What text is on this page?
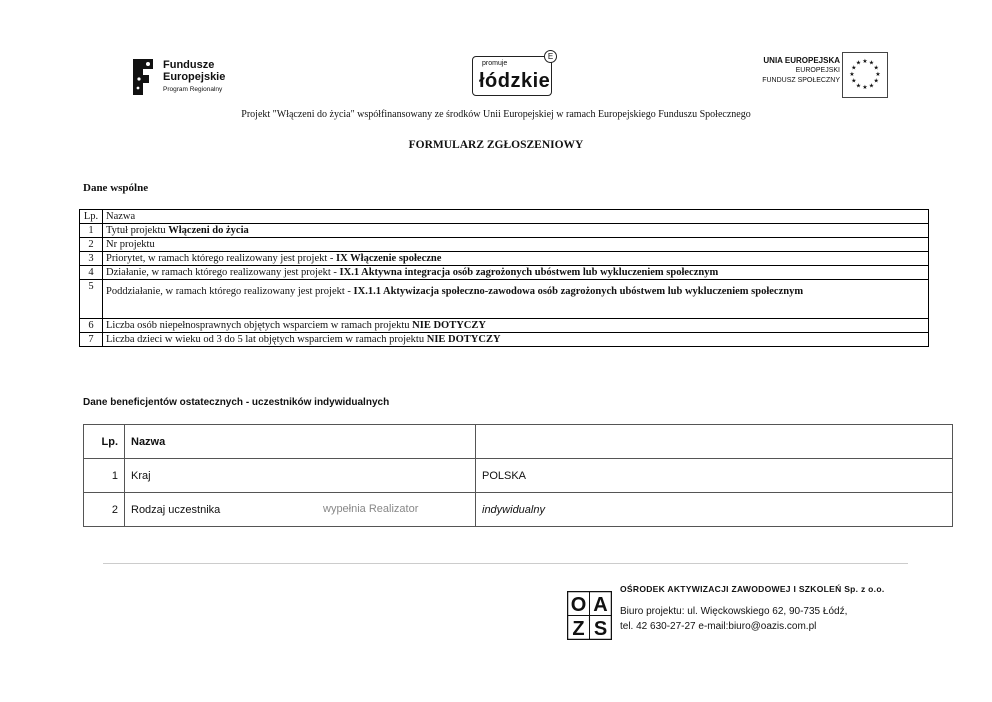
Fundusze
Europejskie
Program Regionalny
promuje
łódzkie
E	UNIA EUROPEJSKA
EUROPEJSKI
FUNDUSZ SPOŁECZNY
★ ★
★
★
★
★
★
★
★
★
★
★
Projekt "Włączeni do życia" współfinansowany ze środków Unii Europejskiej w ramach Europejskiego Funduszu Społecznego
FORMULARZ ZGŁOSZENIOWY
Dane wspólne
Lp.	Nazwa
1	Tytuł projektu Włączeni do życia
2	Nr projektu
3	Priorytet, w ramach którego realizowany jest projekt - IX Włączenie społeczne
4	Działanie, w ramach którego realizowany jest projekt - IX.1 Aktywna integracja osób zagrożonych ubóstwem lub wykluczeniem społecznym
5	Poddziałanie, w ramach którego realizowany jest projekt - IX.1.1 Aktywizacja społeczno-zawodowa osób zagrożonych ubóstwem lub wykluczeniem społecznym

6	Liczba osób niepełnosprawnych objętych wsparciem w ramach projektu NIE DOTYCZY
7	Liczba dzieci w wieku od 3 do 5 lat objętych wsparciem w ramach projektu NIE DOTYCZY
Dane beneficjentów ostatecznych - uczestników indywidualnych
Lp.	Nazwa	
1	Kraj	POLSKA
2	Rodzaj uczestnika wypełnia Realizator	indywidualny
O A
Z S
i
OŚRODEK AKTYWIZACJI ZAWODOWEJ I SZKOLEŃ Sp. z o.o.
Biuro projektu: ul. Więckowskiego 62, 90-735 Łódź,
tel. 42 630-27-27 e-mail:biuro@oazis.com.pl
